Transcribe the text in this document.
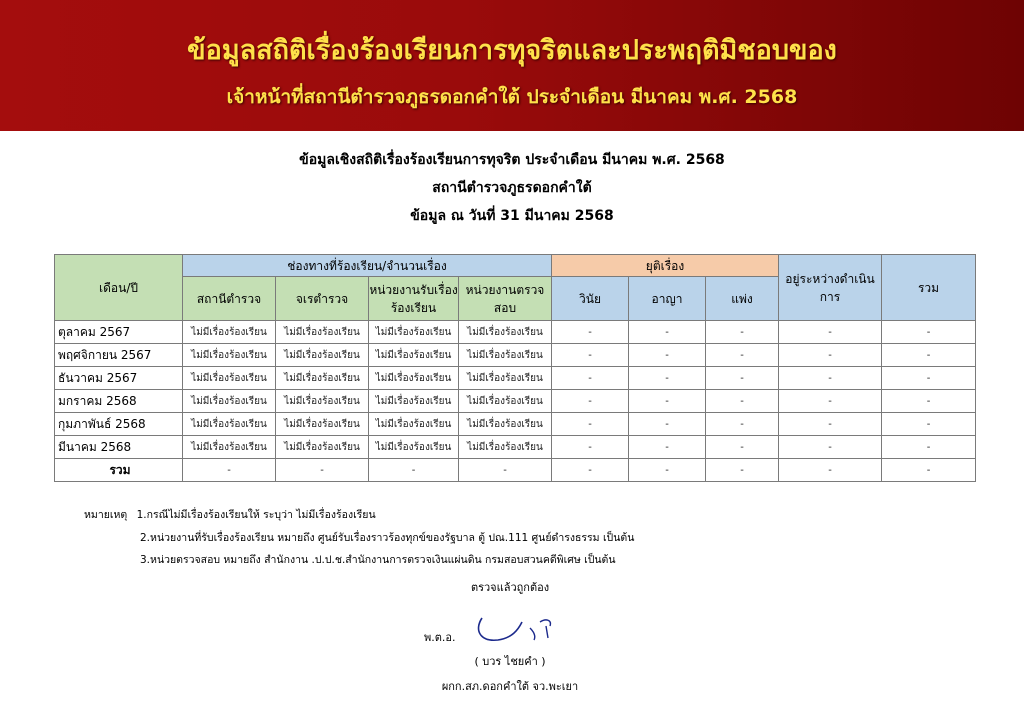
ข้อมูลสถิติเรื่องร้องเรียนการทุจริตและประพฤติมิชอบของ
เจ้าหน้าที่สถานีตำรวจภูธรดอกคำใต้ ประจำเดือน มีนาคม พ.ศ. 2568
ข้อมูลเชิงสถิติเรื่องร้องเรียนการทุจริต ประจำเดือน มีนาคม พ.ศ. 2568
สถานีตำรวจภูธรดอกคำใต้
ข้อมูล ณ วันที่ 31 มีนาคม 2568
เดือน/ปี	ช่องทางที่ร้องเรียน/จำนวนเรื่อง				ยุติเรื่อง			อยู่ระหว่างดำเนินการ	รวม
	สถานีตำรวจ	จเรตำรวจ	หน่วยงานรับเรื่องร้องเรียน	หน่วยงานตรวจสอบ	วินัย	อาญา	แพ่ง		
ตุลาคม 2567	ไม่มีเรื่องร้องเรียน	ไม่มีเรื่องร้องเรียน	ไม่มีเรื่องร้องเรียน	ไม่มีเรื่องร้องเรียน	-	-	-	-	-
พฤศจิกายน 2567	ไม่มีเรื่องร้องเรียน	ไม่มีเรื่องร้องเรียน	ไม่มีเรื่องร้องเรียน	ไม่มีเรื่องร้องเรียน	-	-	-	-	-
ธันวาคม 2567	ไม่มีเรื่องร้องเรียน	ไม่มีเรื่องร้องเรียน	ไม่มีเรื่องร้องเรียน	ไม่มีเรื่องร้องเรียน	-	-	-	-	-
มกราคม 2568	ไม่มีเรื่องร้องเรียน	ไม่มีเรื่องร้องเรียน	ไม่มีเรื่องร้องเรียน	ไม่มีเรื่องร้องเรียน	-	-	-	-	-
กุมภาพันธ์ 2568	ไม่มีเรื่องร้องเรียน	ไม่มีเรื่องร้องเรียน	ไม่มีเรื่องร้องเรียน	ไม่มีเรื่องร้องเรียน	-	-	-	-	-
มีนาคม 2568	ไม่มีเรื่องร้องเรียน	ไม่มีเรื่องร้องเรียน	ไม่มีเรื่องร้องเรียน	ไม่มีเรื่องร้องเรียน	-	-	-	-	-
รวม	-	-	-	-	-	-	-	-	-
หมายเหตุ 1.กรณีไม่มีเรื่องร้องเรียนให้ ระบุว่า ไม่มีเรื่องร้องเรียน
2.หน่วยงานที่รับเรื่องร้องเรียน หมายถึง ศูนย์รับเรื่องราวร้องทุกข์ของรัฐบาล ตู้ ปณ.111 ศูนย์ดำรงธรรม เป็นต้น
3.หน่วยตรวจสอบ หมายถึง สำนักงาน .ป.ป.ช.สำนักงานการตรวจเงินแผ่นดิน กรมสอบสวนคดีพิเศษ เป็นต้น
ตรวจแล้วถูกต้อง
พ.ต.อ.
( บวร ไชยคำ )
ผกก.สภ.ดอกคำใต้ จว.พะเยา
